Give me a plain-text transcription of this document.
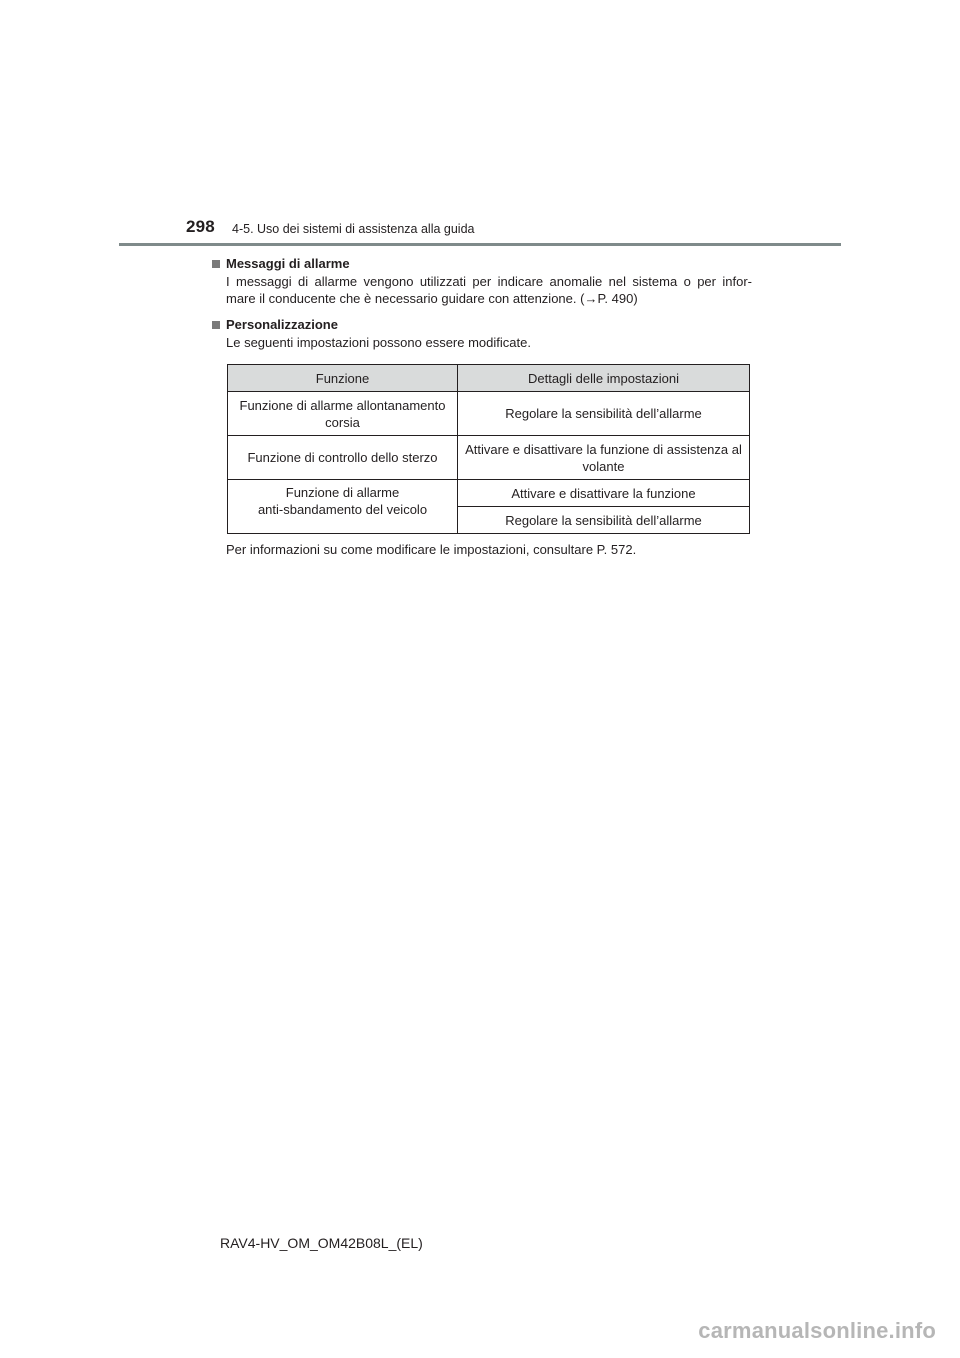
298 4-5. Uso dei sistemi di assistenza alla guida
Messaggi di allarme
I messaggi di allarme vengono utilizzati per indicare anomalie nel sistema o per infor-
mare il conducente che è necessario guidare con attenzione. (→P. 490)
Personalizzazione
Le seguenti impostazioni possono essere modificate.
Funzione	Dettagli delle impostazioni
Funzione di allarme allontanamento corsia	Regolare la sensibilità dell’allarme
Funzione di controllo dello sterzo	Attivare e disattivare la funzione di assistenza al volante

Funzione di allarme
anti-sbandamento del veicolo	Attivare e disattivare la funzione
	Regolare la sensibilità dell’allarme
Per informazioni su come modificare le impostazioni, consultare P. 572.
RAV4-HV_OM_OM42B08L_(EL)
carmanualsonline.info
